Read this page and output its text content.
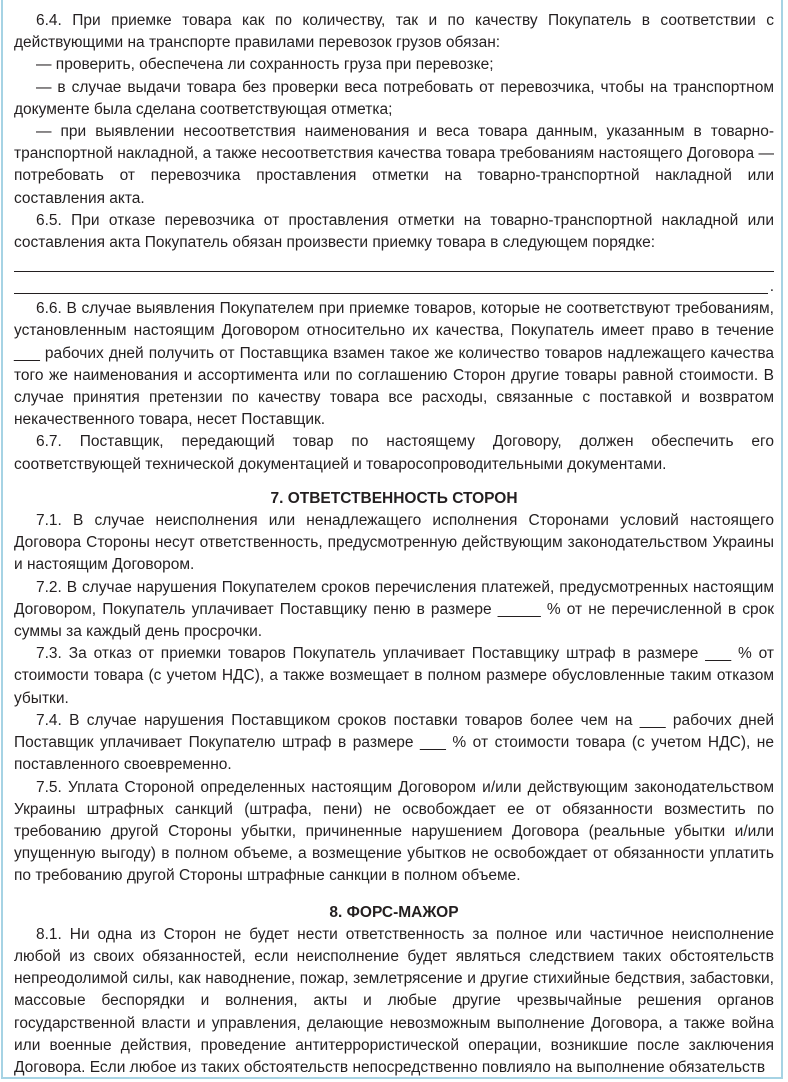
6.4. При приемке товара как по количеству, так и по качеству Покупатель в соответствии с действующими на транспорте правилами перевозок грузов обязан:

— проверить, обеспечена ли сохранность груза при перевозке;

— в случае выдачи товара без проверки веса потребовать от перевозчика, чтобы на транспортном документе была сделана соответствующая отметка;

— при выявлении несоответствия наименования и веса товара данным, указанным в товарно-транспортной накладной, а также несоответствия качества товара требованиям настоящего Договора — потребовать от перевозчика проставления отметки на товарно-транспортной накладной или составления акта.

6.5. При отказе перевозчика от проставления отметки на товарно-транспортной накладной или составления акта Покупатель обязан произвести приемку товара в следующем порядке:

.

6.6. В случае выявления Покупателем при приемке товаров, которые не соответствуют требованиям, установленным настоящим Договором относительно их качества, Покупатель имеет право в течение ___ рабочих дней получить от Поставщика взамен такое же количество товаров надлежащего качества того же наименования и ассортимента или по соглашению Сторон другие товары равной стоимости. В случае принятия претензии по качеству товара все расходы, связанные с поставкой и возвратом некачественного товара, несет Поставщик.

6.7. Поставщик, передающий товар по настоящему Договору, должен обеспечить его соответствующей технической документацией и товаросопроводительными документами.

7. ОТВЕТСТВЕННОСТЬ СТОРОН

7.1. В случае неисполнения или ненадлежащего исполнения Сторонами условий настоящего Договора Стороны несут ответственность, предусмотренную действующим законодательством Украины и настоящим Договором.

7.2. В случае нарушения Покупателем сроков перечисления платежей, предусмотренных настоящим Договором, Покупатель уплачивает Поставщику пеню в размере _____ % от не перечисленной в срок суммы за каждый день просрочки.

7.3. За отказ от приемки товаров Покупатель уплачивает Поставщику штраф в размере ___ % от стоимости товара (с учетом НДС), а также возмещает в полном размере обусловленные таким отказом убытки.

7.4. В случае нарушения Поставщиком сроков поставки товаров более чем на ___ рабочих дней Поставщик уплачивает Покупателю штраф в размере ___ % от стоимости товара (с учетом НДС), не поставленного своевременно.

7.5. Уплата Стороной определенных настоящим Договором и/или действующим законодательством Украины штрафных санкций (штрафа, пени) не освобождает ее от обязанности возместить по требованию другой Стороны убытки, причиненные нарушением Договора (реальные убытки и/или упущенную выгоду) в полном объеме, а возмещение убытков не освобождает от обязанности уплатить по требованию другой Стороны штрафные санкции в полном объеме.

8. ФОРС-МАЖОР

8.1. Ни одна из Сторон не будет нести ответственность за полное или частичное неисполнение любой из своих обязанностей, если неисполнение будет являться следствием таких обстоятельств непреодолимой силы, как наводнение, пожар, землетрясение и другие стихийные бедствия, забастовки, массовые беспорядки и волнения, акты и любые другие чрезвычайные решения органов государственной власти и управления, делающие невозможным выполнение Договора, а также война или военные действия, проведение антитеррористической операции, возникшие после заключения Договора. Если любое из таких обстоятельств непосредственно повлияло на выполнение обязательств
